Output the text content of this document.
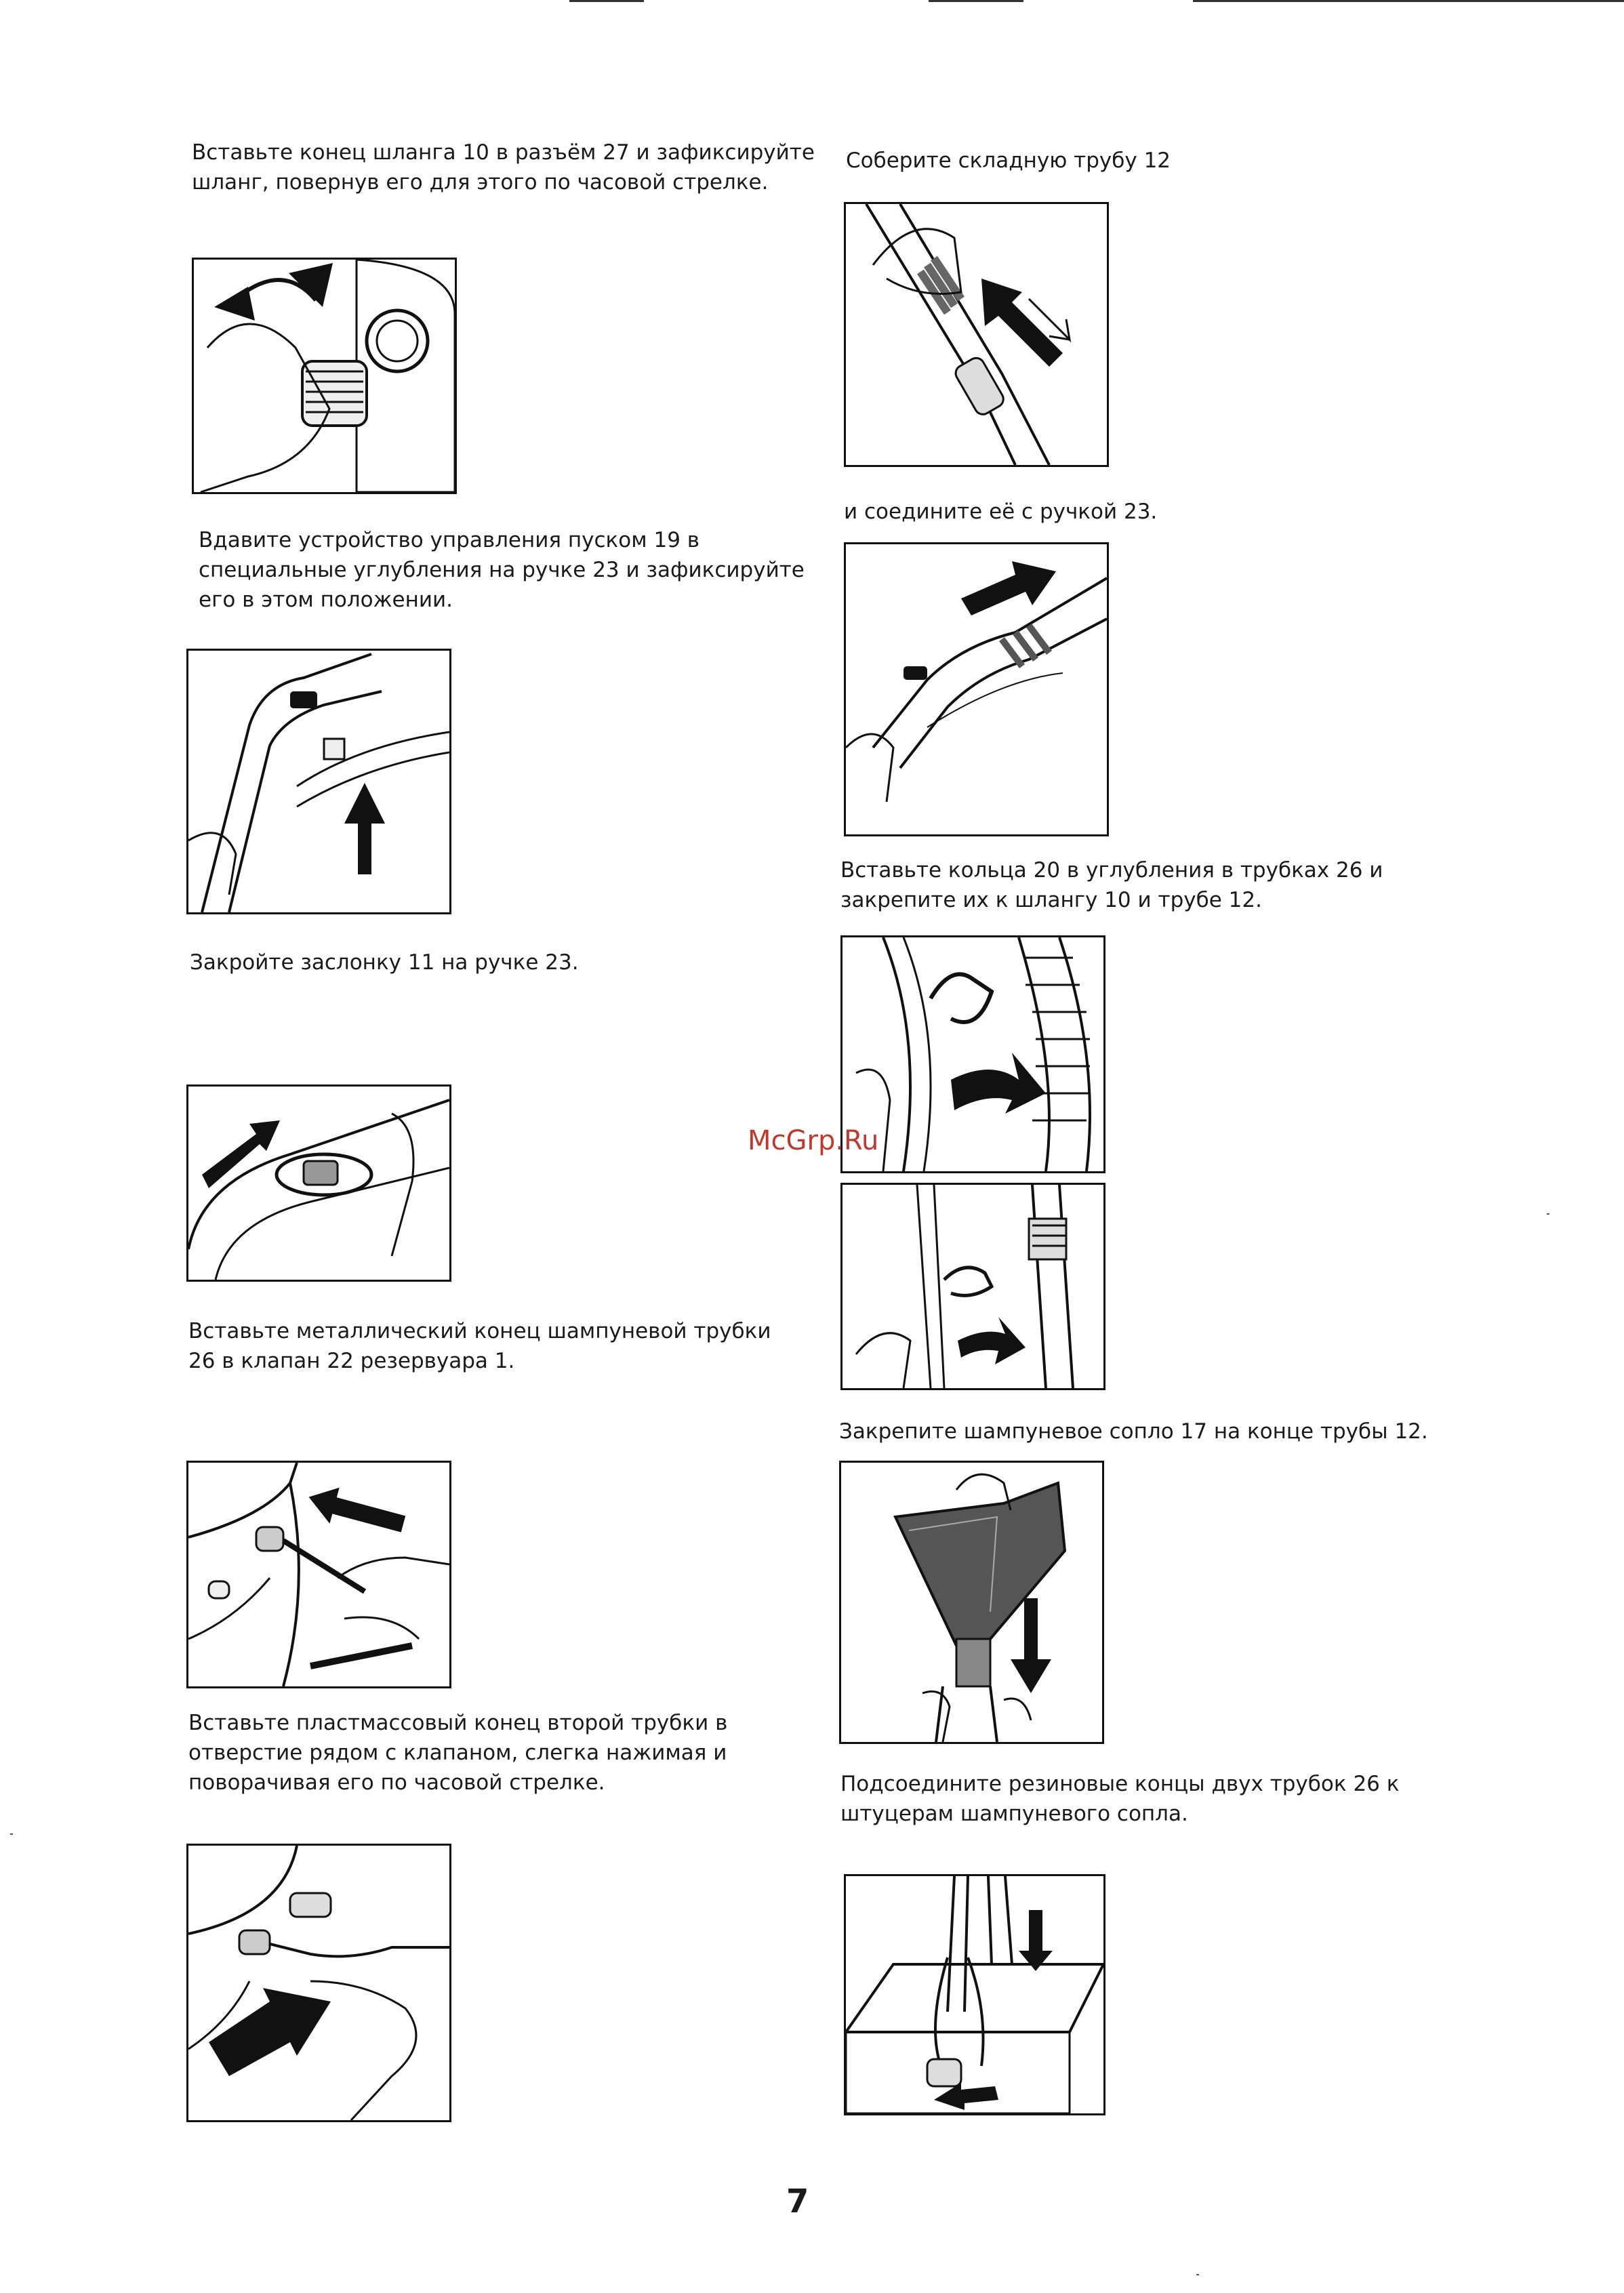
Вставьте конец шланга 10 в разъём 27 и зафиксируйте
шланг, повернув его для этого по часовой стрелке.
Вдавите устройство управления пуском 19 в
специальные углубления на ручке 23 и зафиксируйте
его в этом положении.
Закройте заслонку 11 на ручке 23.
Вставьте металлический конец шампуневой трубки
26 в клапан 22 резервуара 1.
Вставьте пластмассовый конец второй трубки в
отверстие рядом с клапаном, слегка нажимая и
поворачивая его по часовой стрелке.
Соберите складную трубу 12
и соедините её с ручкой 23.
Вставьте кольца 20 в углубления в трубках 26 и
закрепите их к шлангу 10 и трубе 12.
Закрепите шампуневое сопло 17 на конце трубы 12.
Подсоедините резиновые концы двух трубок 26 к
штуцерам шампуневого сопла.
McGrp.Ru
7
